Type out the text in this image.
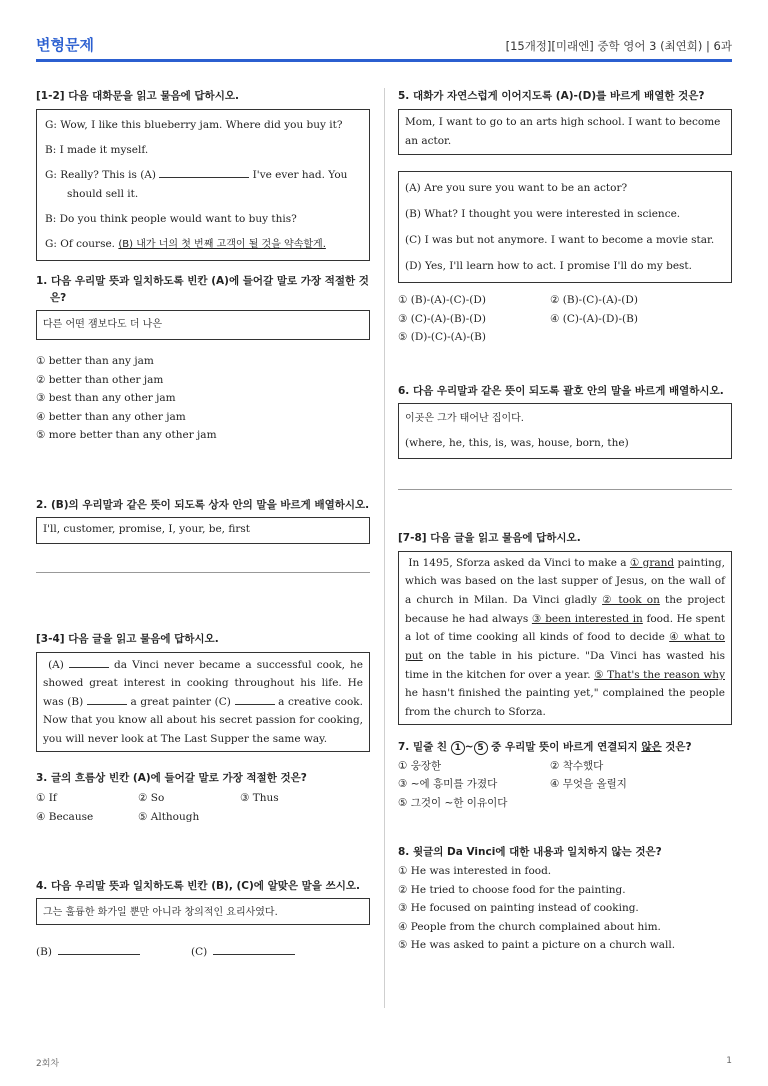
변형문제	[15개정][미래엔] 중학 영어 3 (최연희) | 6과
[1-2] 다음 대화문을 읽고 물음에 답하시오.

G: Wow, I like this blueberry jam. Where did you buy it?

B: I made it myself.

G: Really? This is (A)	I've ever had. You should sell it.

B: Do you think people would want to buy this?

G: Of course. (B) 내가 너의 첫 번째 고객이 될 것을 약속할게.

1. 다음 우리말 뜻과 일치하도록 빈칸 (A)에 들어갈 말로 가장 적절한 것은?
다른 어떤 잼보다도 더 나은
① better than any jam
② better than other jam
③ best than any other jam
④ better than any other jam
⑤ more better than any other jam
2. (B)의 우리말과 같은 뜻이 되도록 상자 안의 말을 바르게 배열하시오.
I'll, customer, promise, I, your, be, first
[3-4] 다음 글을 읽고 물음에 답하시오.
(A)	da Vinci never became a successful cook, he showed great interest in cooking throughout his life. He was (B)	a great painter (C)	a creative cook. Now that you know all about his secret passion for cooking, you will never look at The Last Supper the same way.
3. 글의 흐름상 빈칸 (A)에 들어갈 말로 가장 적절한 것은?
① If	② So	③ Thus
④ Because	⑤ Although
4. 다음 우리말 뜻과 일치하도록 빈칸 (B), (C)에 알맞은 말을 쓰시오.
그는 훌륭한 화가일 뿐만 아니라 창의적인 요리사였다.
(B)	(C)
5. 대화가 자연스럽게 이어지도록 (A)-(D)를 바르게 배열한 것은?
Mom, I want to go to an arts high school. I want to become an actor.

(A) Are you sure you want to be an actor?

(B) What? I thought you were interested in science.

(C) I was but not anymore. I want to become a movie star.

(D) Yes, I'll learn how to act. I promise I'll do my best.

① (B)-(A)-(C)-(D)	② (B)-(C)-(A)-(D)
③ (C)-(A)-(B)-(D)	④ (C)-(A)-(D)-(B)
⑤ (D)-(C)-(A)-(B)
6. 다음 우리말과 같은 뜻이 되도록 괄호 안의 말을 바르게 배열하시오.

이곳은 그가 태어난 집이다.

(where, he, this, is, was, house, born, the)

[7-8] 다음 글을 읽고 물음에 답하시오.
In 1495, Sforza asked da Vinci to make a ① grand painting, which was based on the last supper of Jesus, on the wall of a church in Milan. Da Vinci gladly ② took on the project because he had always ③ been interested in food. He spent a lot of time cooking all kinds of food to decide ④ what to put on the table in his picture. "Da Vinci has wasted his time in the kitchen for over a year. ⑤ That's the reason why he hasn't finished the painting yet," complained the people from the church to Sforza.
7. 밑줄 친 1 ~ 5 중 우리말 뜻이 바르게 연결되지 않은 것은?
① 웅장한	② 착수했다
③ ~에 흥미를 가졌다	④ 무엇을 올릴지
⑤ 그것이 ~한 이유이다
8. 윗글의 Da Vinci에 대한 내용과 일치하지 않는 것은?
① He was interested in food.
② He tried to choose food for the painting.
③ He focused on painting instead of cooking.
④ People from the church complained about him.
⑤ He was asked to paint a picture on a church wall.
2회차	1
